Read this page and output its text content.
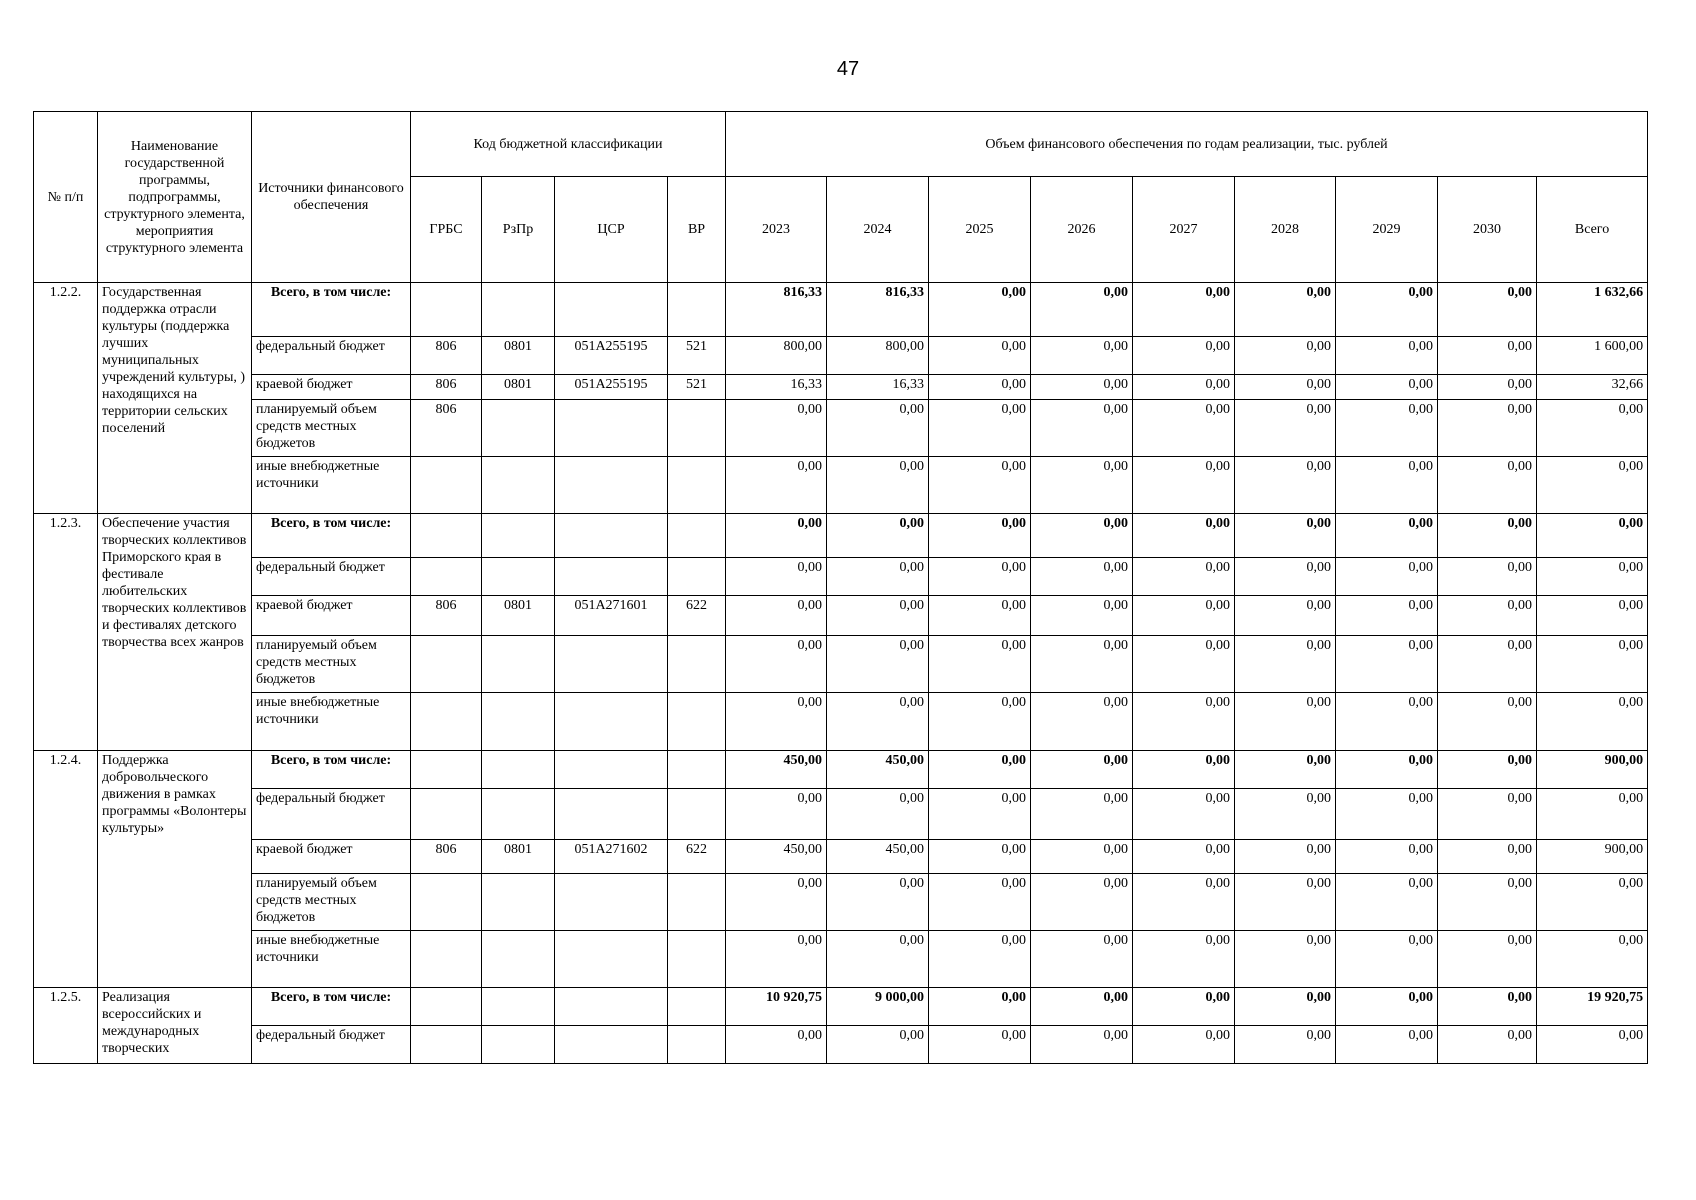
47
№ п/п	Наименование государственной программы, подпрограммы, структурного элемента, мероприятия структурного элемента	Источники финансового обеспечения	Код бюджетной классификации				Объем финансового обеспечения по годам реализации, тыс. рублей								
			ГРБС	РзПр	ЦСР	ВР	2023	2024	2025	2026	2027	2028	2029	2030	Всего
1.2.2.	Государственная поддержка отрасли культуры (поддержка лучших муниципальных учреждений культуры, ) находящихся на территории сельских поселений	Всего, в том числе:					816,33	816,33	0,00	0,00	0,00	0,00	0,00	0,00	1 632,66
		федеральный бюджет	806	0801	051А255195	521	800,00	800,00	0,00	0,00	0,00	0,00	0,00	0,00	1 600,00
		краевой бюджет	806	0801	051А255195	521	16,33	16,33	0,00	0,00	0,00	0,00	0,00	0,00	32,66
		планируемый объем средств местных бюджетов	806				0,00	0,00	0,00	0,00	0,00	0,00	0,00	0,00	0,00
		иные внебюджетные источники					0,00	0,00	0,00	0,00	0,00	0,00	0,00	0,00	0,00
1.2.3.	Обеспечение участия творческих коллективов Приморского края в фестивале любительских творческих коллективов и фестивалях детского творчества всех жанров	Всего, в том числе:					0,00	0,00	0,00	0,00	0,00	0,00	0,00	0,00	0,00
		федеральный бюджет					0,00	0,00	0,00	0,00	0,00	0,00	0,00	0,00	0,00
		краевой бюджет	806	0801	051А271601	622	0,00	0,00	0,00	0,00	0,00	0,00	0,00	0,00	0,00
		планируемый объем средств местных бюджетов					0,00	0,00	0,00	0,00	0,00	0,00	0,00	0,00	0,00
		иные внебюджетные источники					0,00	0,00	0,00	0,00	0,00	0,00	0,00	0,00	0,00
1.2.4.	Поддержка добровольческого движения в рамках программы «Волонтеры культуры»	Всего, в том числе:					450,00	450,00	0,00	0,00	0,00	0,00	0,00	0,00	900,00
		федеральный бюджет					0,00	0,00	0,00	0,00	0,00	0,00	0,00	0,00	0,00
		краевой бюджет	806	0801	051А271602	622	450,00	450,00	0,00	0,00	0,00	0,00	0,00	0,00	900,00
		планируемый объем средств местных бюджетов					0,00	0,00	0,00	0,00	0,00	0,00	0,00	0,00	0,00
		иные внебюджетные источники					0,00	0,00	0,00	0,00	0,00	0,00	0,00	0,00	0,00
1.2.5.	Реализация всероссийских и международных творческих	Всего, в том числе:					10 920,75	9 000,00	0,00	0,00	0,00	0,00	0,00	0,00	19 920,75
		федеральный бюджет					0,00	0,00	0,00	0,00	0,00	0,00	0,00	0,00	0,00
